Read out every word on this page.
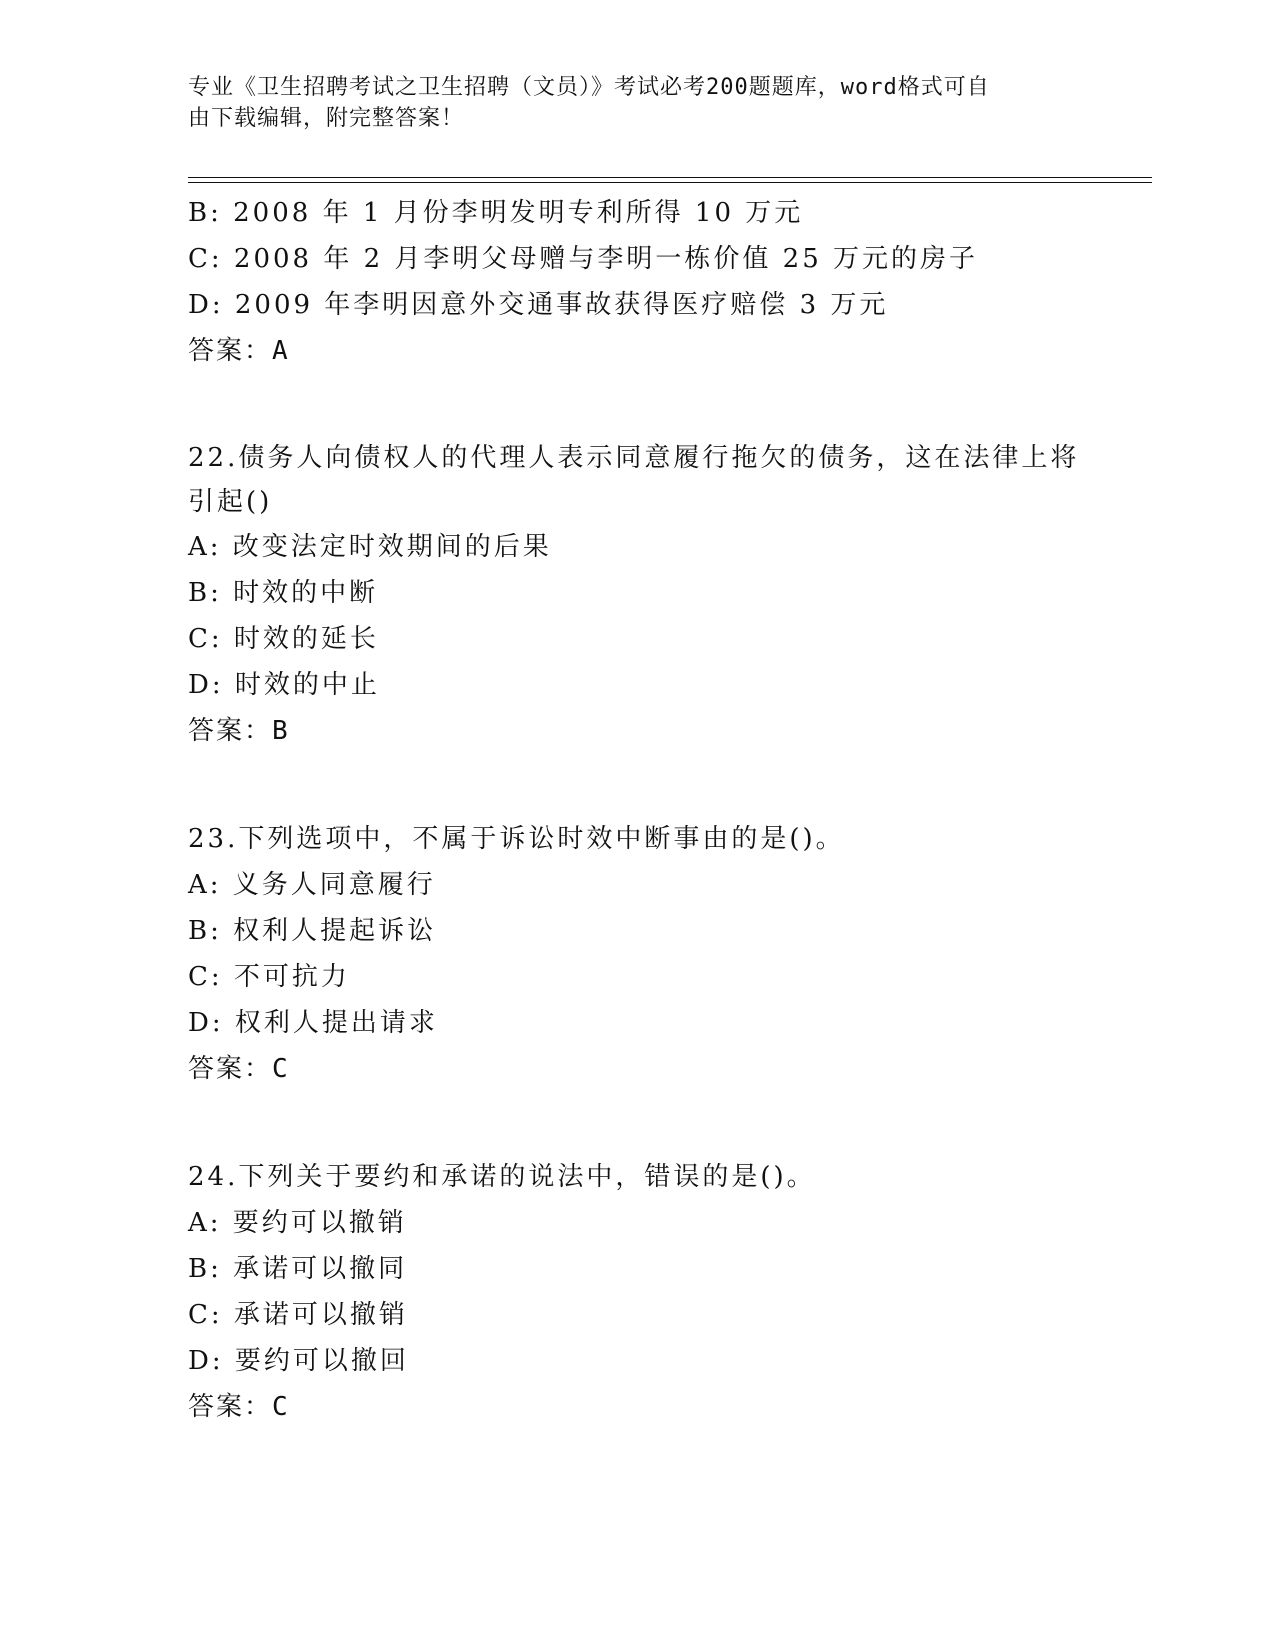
专业《卫生招聘考试之卫生招聘（文员）》考试必考200题题库，word格式可自
由下载编辑，附完整答案！
B: 2008 年 1 月份李明发明专利所得 10 万元
C: 2008 年 2 月李明父母赠与李明一栋价值 25 万元的房子
D: 2009 年李明因意外交通事故获得医疗赔偿 3 万元
答案：A
22.债务人向债权人的代理人表示同意履行拖欠的债务，这在法律上将
引起()
A: 改变法定时效期间的后果
B: 时效的中断
C: 时效的延长
D: 时效的中止
答案：B
23.下列选项中，不属于诉讼时效中断事由的是()。
A: 义务人同意履行
B: 权利人提起诉讼
C: 不可抗力
D: 权利人提出请求
答案：C
24.下列关于要约和承诺的说法中，错误的是()。
A: 要约可以撤销
B: 承诺可以撤同
C: 承诺可以撤销
D: 要约可以撤回
答案：C
